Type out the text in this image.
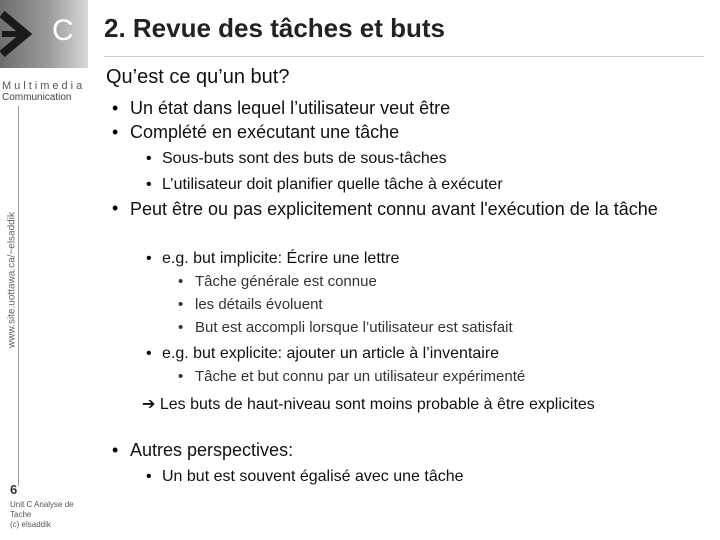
C
Multimedia
Communication
www.site.uottawa.ca/~elsaddik
2. Revue des tâches et buts
Qu’est ce qu’un but?
• Un état dans lequel l’utilisateur veut être
• Complété en exécutant une tâche
• Sous-buts sont des buts de sous-tâches
• L’utilisateur doit planifier quelle tâche à exécuter
• Peut être ou pas explicitement connu avant l'exécution de la tâche
• e.g. but implicite: Écrire une lettre
• Tâche générale est connue
• les détails évoluent
• But est accompli lorsque l’utilisateur est satisfait
• e.g. but explicite: ajouter un article à l’inventaire
• Tâche et but connu par un utilisateur expérimenté
➔ Les buts de haut-niveau sont moins probable à être explicites
• Autres perspectives:
• Un but est souvent égalisé avec une tâche
6
Unit C Analyse de Tache
(c) elsaddik
